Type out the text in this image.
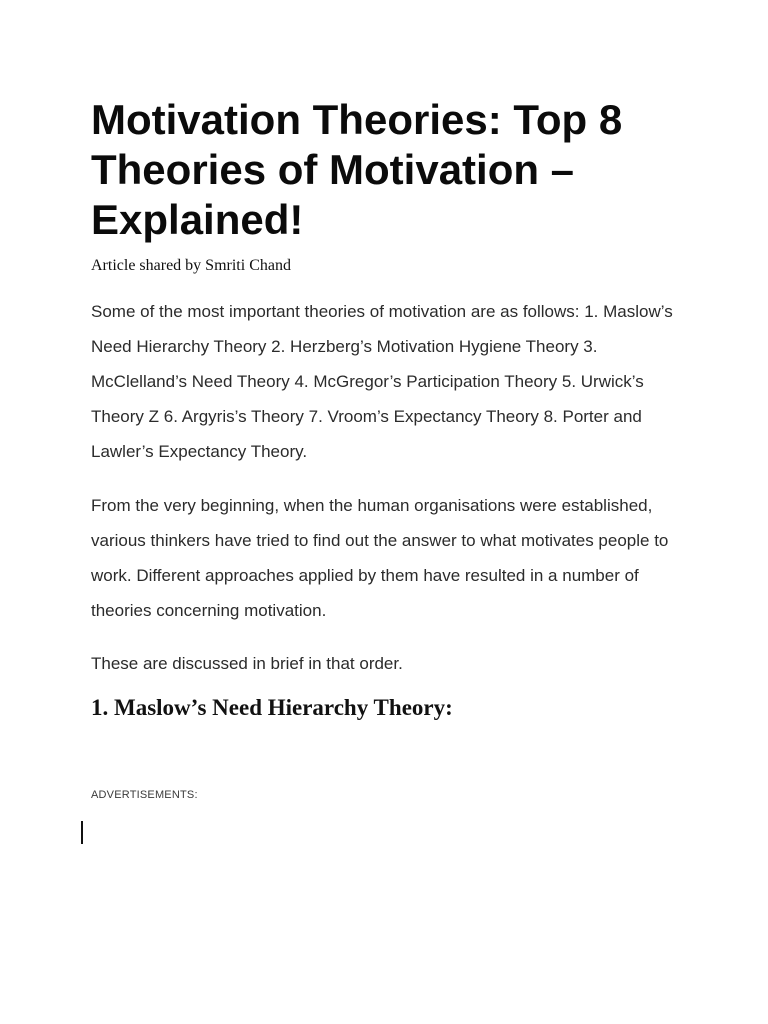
Motivation Theories: Top 8 Theories of Motivation – Explained!

Article shared by Smriti Chand

Some of the most important theories of motivation are as follows: 1. Maslow’s Need Hierarchy Theory 2. Herzberg’s Motivation Hygiene Theory 3. McClelland’s Need Theory 4. McGregor’s Participation Theory 5. Urwick’s Theory Z 6. Argyris’s Theory 7. Vroom’s Expectancy Theory 8. Porter and Lawler’s Expectancy Theory.

From the very beginning, when the human organisations were established, various thinkers have tried to find out the answer to what motivates people to work. Different approaches applied by them have resulted in a number of theories concerning motivation.

These are discussed in brief in that order.

1. Maslow’s Need Hierarchy Theory:

ADVERTISEMENTS:
